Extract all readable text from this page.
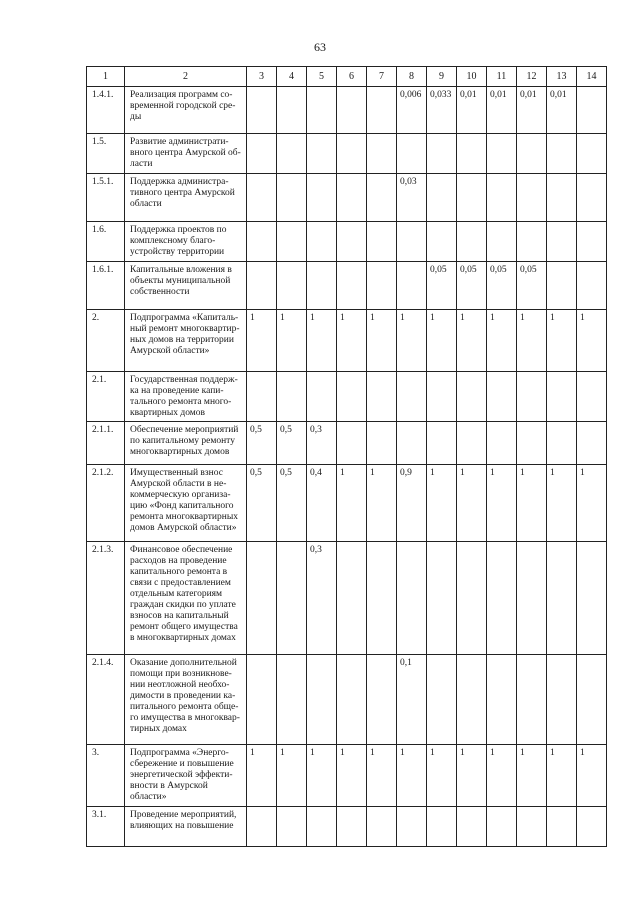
63
1	2	3	4	5	6	7	8	9	10	11	12	13	14
1.4.1.	Реализация программ со-временной городской сре-ды						0,006	0,033	0,01	0,01	0,01	0,01	
1.5.	Развитие администрати-вного центра Амурской об-ласти												
1.5.1.	Поддержка администра-тивного центра Амурской области						0,03						
1.6.	Поддержка проектов по комплексному благо-устройству территории												
1.6.1.	Капитальные вложения в объекты муниципальной собственности							0,05	0,05	0,05	0,05		
2.	Подпрограмма «Капиталь-ный ремонт многоквартир-ных домов на территории Амурской области»	1	1	1	1	1	1	1	1	1	1	1	1
2.1.	Государственная поддерж-ка на проведение капи-тального ремонта много-квартирных домов												
2.1.1.	Обеспечение мероприятий по капитальному ремонту многоквартирных домов	0,5	0,5	0,3									
2.1.2.	Имущественный взнос Амурской области в не-коммерческую организа-цию «Фонд капитального ремонта многоквартирных домов Амурской области»	0,5	0,5	0,4	1	1	0,9	1	1	1	1	1	1
2.1.3.	Финансовое обеспечение расходов на проведение капитального ремонта в связи с предоставлением отдельным категориям граждан скидки по уплате взносов на капитальный ремонт общего имущества в многоквартирных домах			0,3									
2.1.4.	Оказание дополнительной помощи при возникнове-нии неотложной необхо-димости в проведении ка-питального ремонта обще-го имущества в многоквар-тирных домах						0,1						
3.	Подпрограмма «Энерго-сбережение и повышение энергетической эффекти-вности в Амурской области»	1	1	1	1	1	1	1	1	1	1	1	1
3.1.	Проведение мероприятий, влияющих на повышение												
